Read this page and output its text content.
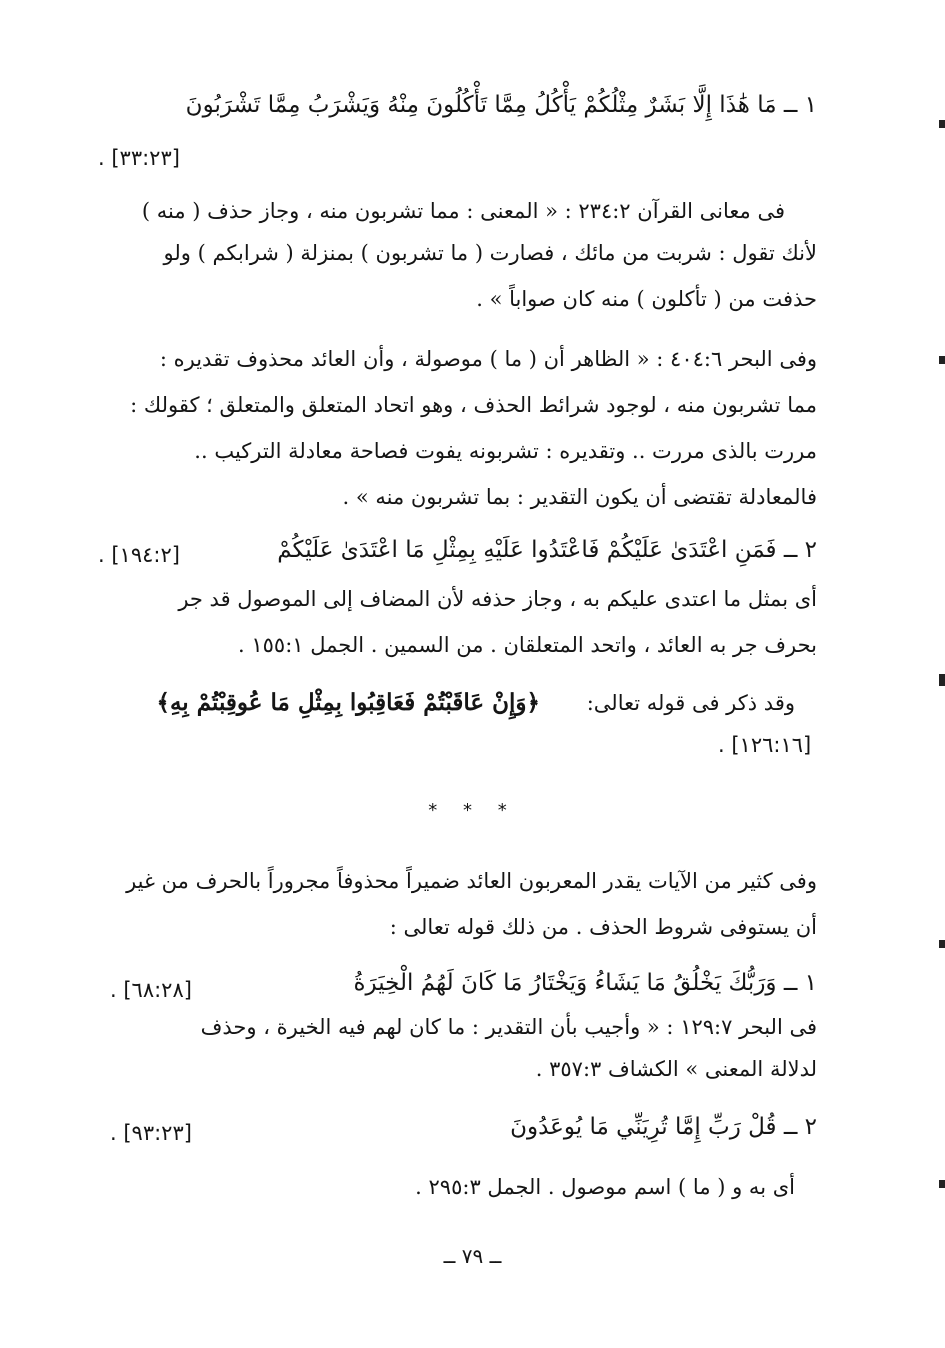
١ ــ مَا هَٰذَا إِلَّا بَشَرٌ مِثْلُكُمْ يَأْكُلُ مِمَّا تَأْكُلُونَ مِنْهُ وَيَشْرَبُ مِمَّا تَشْرَبُونَ
. [٣٣:٢٣]
فى معانى القرآن ٢٣٤:٢ : « المعنى : مما تشربون منه ، وجاز حذف ( منه )
لأنك تقول : شربت من مائك ، فصارت ( ما تشربون ) بمنزلة ( شرابكم ) ولو
حذفت من ( تأكلون ) منه كان صواباً » .
وفى البحر ٤٠٤:٦ : « الظاهر أن ( ما ) موصولة ، وأن العائد محذوف تقديره :
مما تشربون منه ، لوجود شرائط الحذف ، وهو اتحاد المتعلق والمتعلق ؛ كقولك :
مررت بالذى مررت .. وتقديره : تشربونه يفوت فصاحة معادلة التركيب ..
فالمعادلة تقتضى أن يكون التقدير : بما تشربون منه » .
٢ ــ فَمَنِ اعْتَدَىٰ عَلَيْكُمْ فَاعْتَدُوا عَلَيْهِ بِمِثْلِ مَا اعْتَدَىٰ عَلَيْكُمْ
. [١٩٤:٢]
أى بمثل ما اعتدى عليكم به ، وجاز حذفه لأن المضاف إلى الموصول قد جر
بحرف جر به العائد ، واتحد المتعلقان . من السمين . الجمل ١٥٥:١ .
وقد ذكر فى قوله تعالى:
﴿وَإِنْ عَاقَبْتُمْ فَعَاقِبُوا بِمِثْلِ مَا عُوقِبْتُمْ بِهِ﴾
. [١٢٦:١٦]
* * *
وفى كثير من الآيات يقدر المعربون العائد ضميراً محذوفاً مجروراً بالحرف من غير
أن يستوفى شروط الحذف . من ذلك قوله تعالى :
١ ــ وَرَبُّكَ يَخْلُقُ مَا يَشَاءُ وَيَخْتَارُ مَا كَانَ لَهُمُ الْخِيَرَةُ
. [٦٨:٢٨]
فى البحر ١٢٩:٧ : « وأجيب بأن التقدير : ما كان لهم فيه الخيرة ، وحذف
لدلالة المعنى » الكشاف ٣٥٧:٣ .
٢ ــ قُلْ رَبِّ إِمَّا تُرِيَنِّي مَا يُوعَدُونَ
. [٩٣:٢٣]
أى به و ( ما ) اسم موصول . الجمل ٢٩٥:٣ .
ــ ٧٩ ــ
